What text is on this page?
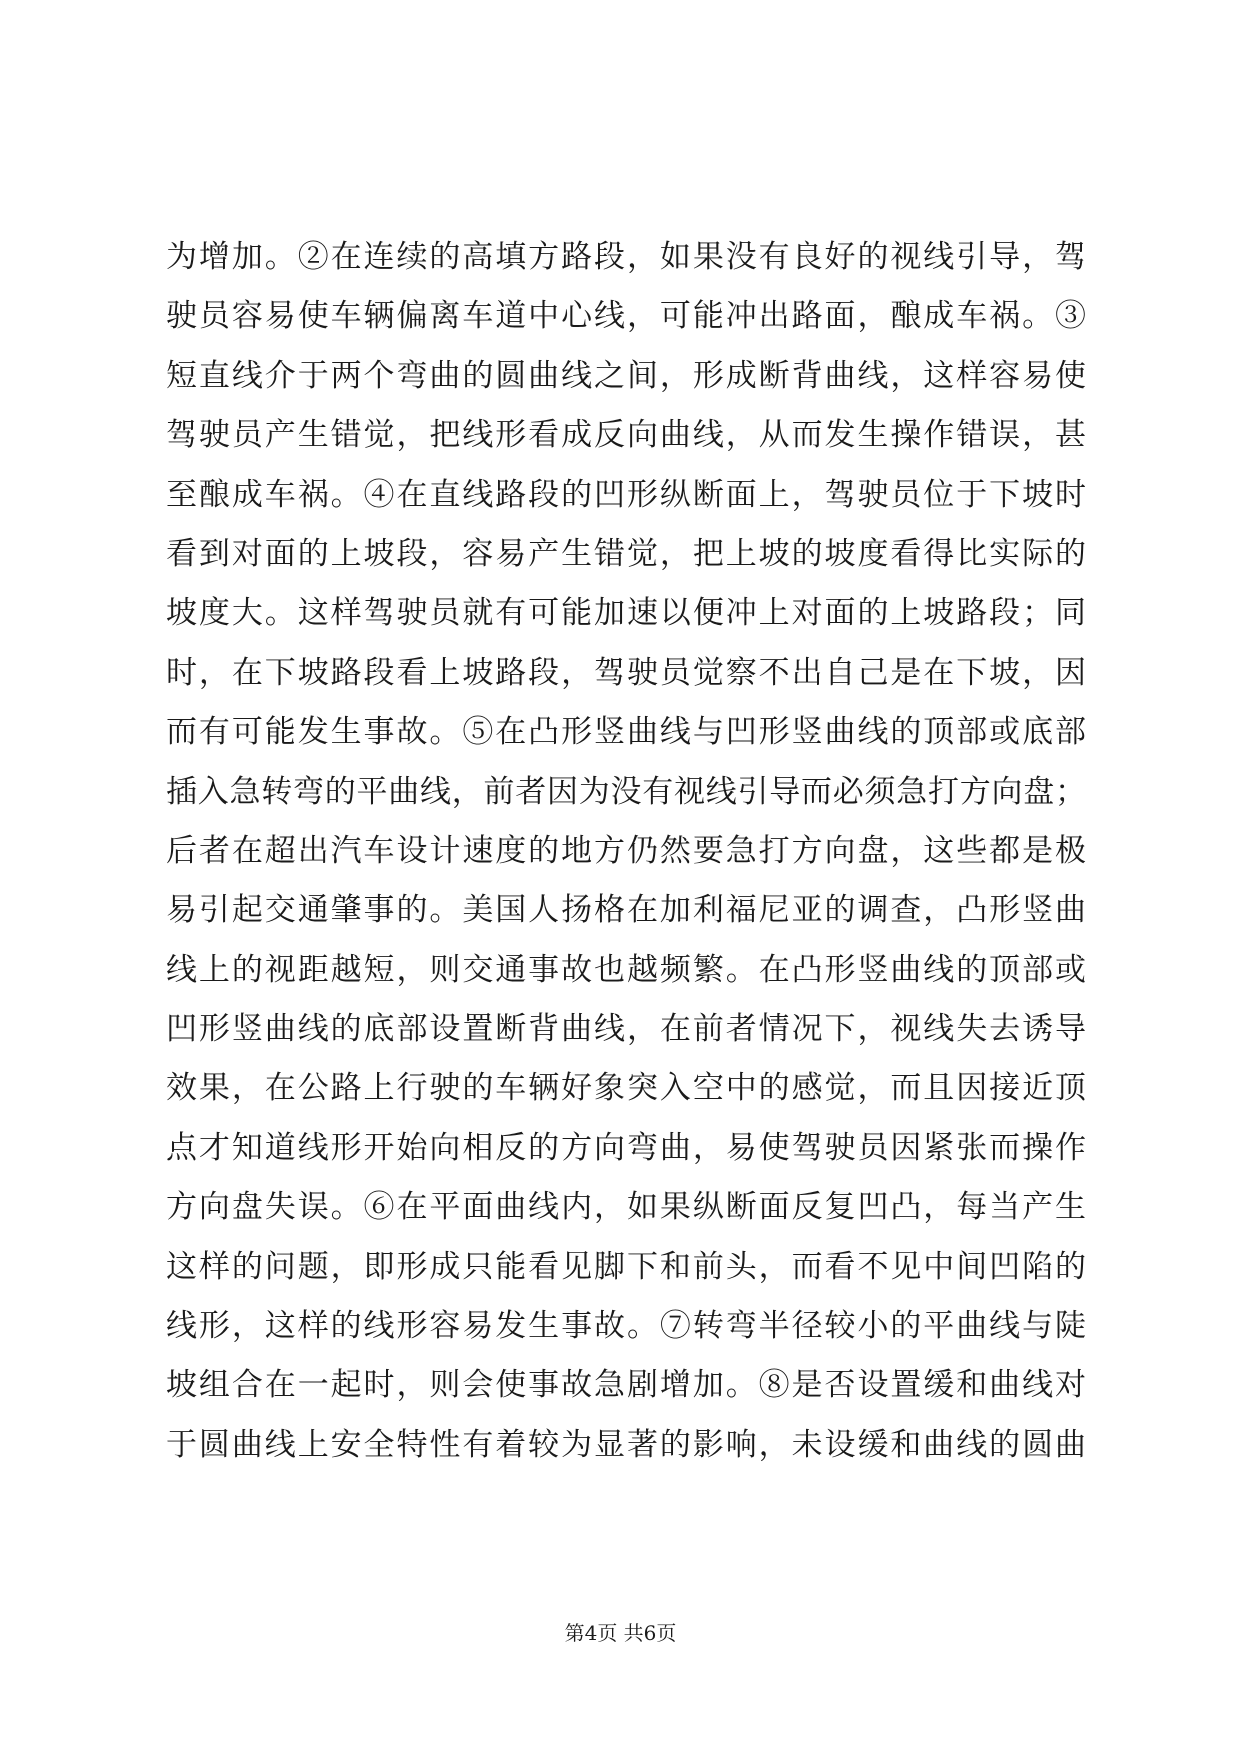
为增加。②在连续的高填方路段，如果没有良好的视线引导，驾
驶员容易使车辆偏离车道中心线，可能冲出路面，酿成车祸。③
短直线介于两个弯曲的圆曲线之间，形成断背曲线，这样容易使
驾驶员产生错觉，把线形看成反向曲线，从而发生操作错误，甚
至酿成车祸。④在直线路段的凹形纵断面上，驾驶员位于下坡时
看到对面的上坡段，容易产生错觉，把上坡的坡度看得比实际的
坡度大。这样驾驶员就有可能加速以便冲上对面的上坡路段；同
时，在下坡路段看上坡路段，驾驶员觉察不出自己是在下坡，因
而有可能发生事故。⑤在凸形竖曲线与凹形竖曲线的顶部或底部
插入急转弯的平曲线，前者因为没有视线引导而必须急打方向盘；
后者在超出汽车设计速度的地方仍然要急打方向盘，这些都是极
易引起交通肇事的。美国人扬格在加利福尼亚的调查，凸形竖曲
线上的视距越短，则交通事故也越频繁。在凸形竖曲线的顶部或
凹形竖曲线的底部设置断背曲线，在前者情况下，视线失去诱导
效果，在公路上行驶的车辆好象突入空中的感觉，而且因接近顶
点才知道线形开始向相反的方向弯曲，易使驾驶员因紧张而操作
方向盘失误。⑥在平面曲线内，如果纵断面反复凹凸，每当产生
这样的问题，即形成只能看见脚下和前头，而看不见中间凹陷的
线形，这样的线形容易发生事故。⑦转弯半径较小的平曲线与陡
坡组合在一起时，则会使事故急剧增加。⑧是否设置缓和曲线对
于圆曲线上安全特性有着较为显著的影响，未设缓和曲线的圆曲
第4页 共6页
